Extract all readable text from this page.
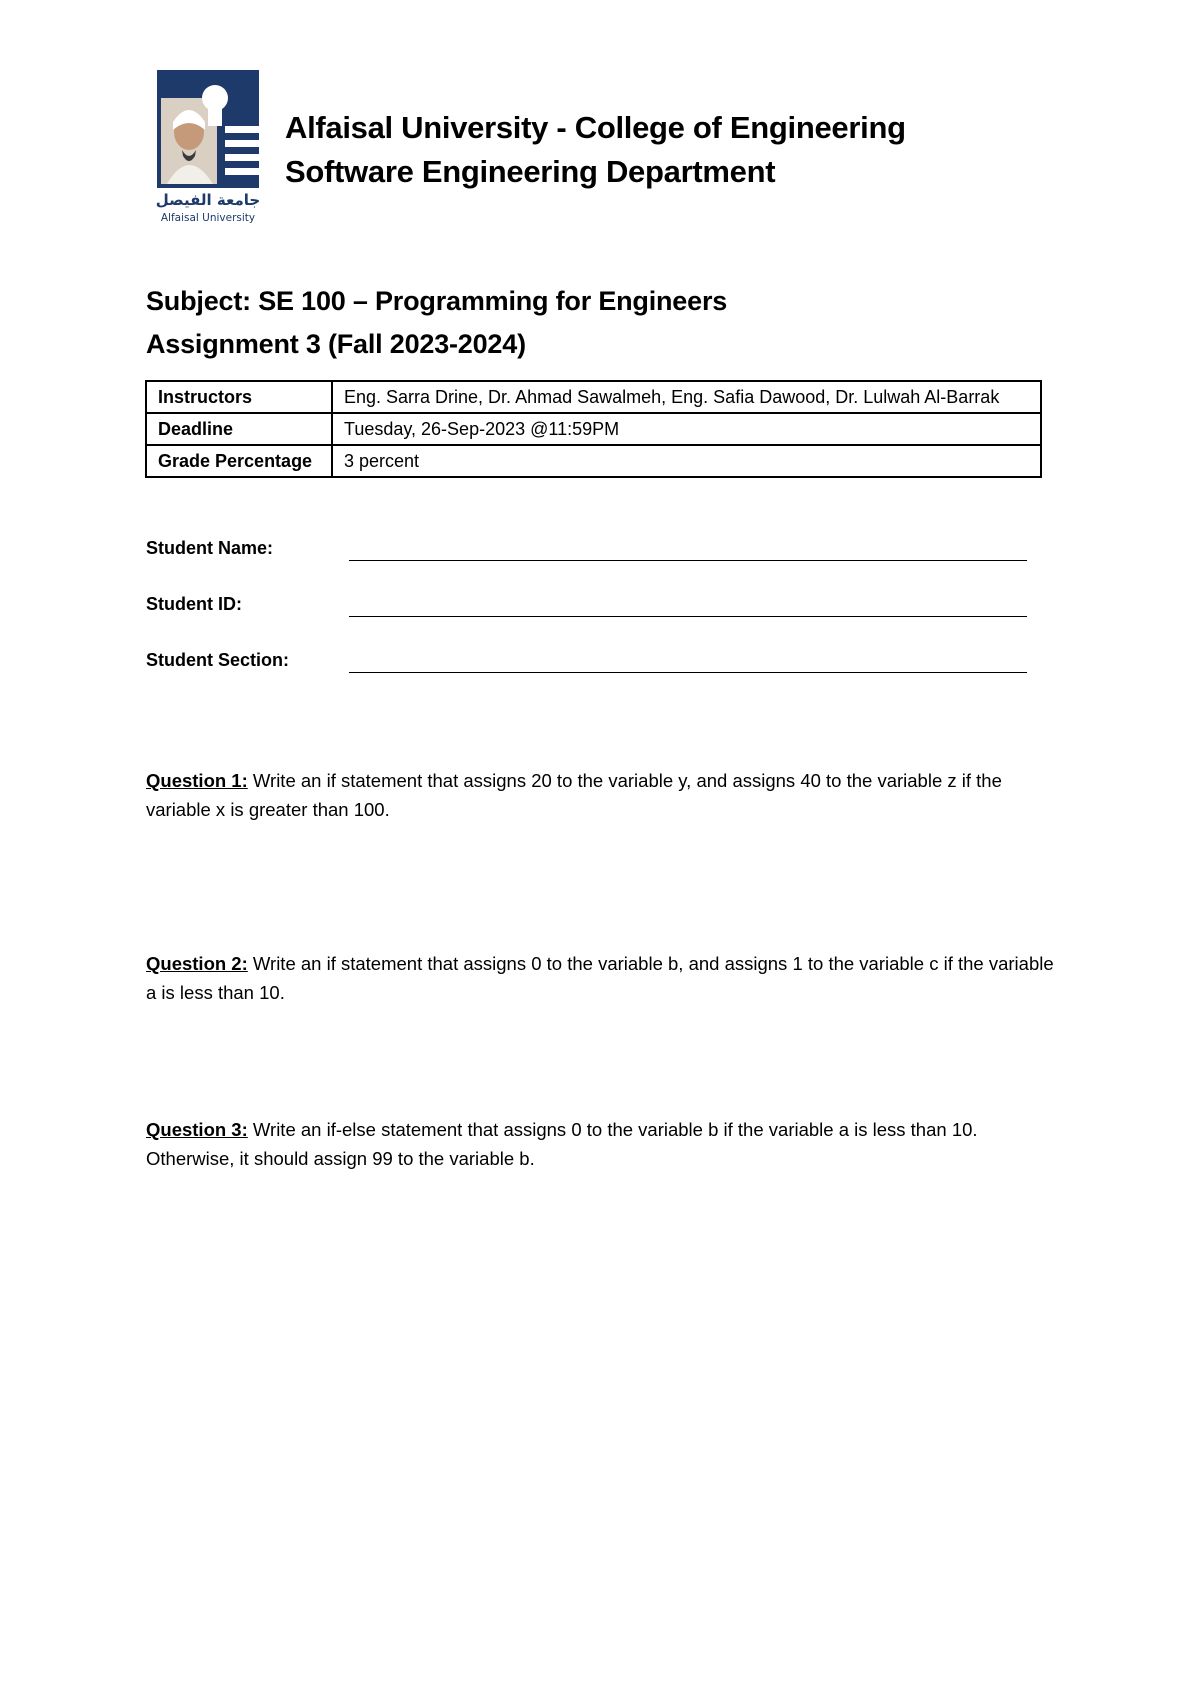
جامعة الفيصل
Alfaisal University
Alfaisal University - College of Engineering
Software Engineering Department
Subject: SE 100 – Programming for Engineers
Assignment 3 (Fall 2023-2024)
Instructors	Eng. Sarra Drine, Dr. Ahmad Sawalmeh, Eng. Safia Dawood, Dr. Lulwah Al-Barrak
Deadline	Tuesday, 26-Sep-2023 @11:59PM
Grade Percentage	3 percent
Student Name:
Student ID:
Student Section:
Question 1: Write an if statement that assigns 20 to the variable y, and assigns 40 to the variable z if the variable x is greater than 100.
Question 2: Write an if statement that assigns 0 to the variable b, and assigns 1 to the variable c if the variable a is less than 10.
Question 3: Write an if-else statement that assigns 0 to the variable b if the variable a is less than 10. Otherwise, it should assign 99 to the variable b.
